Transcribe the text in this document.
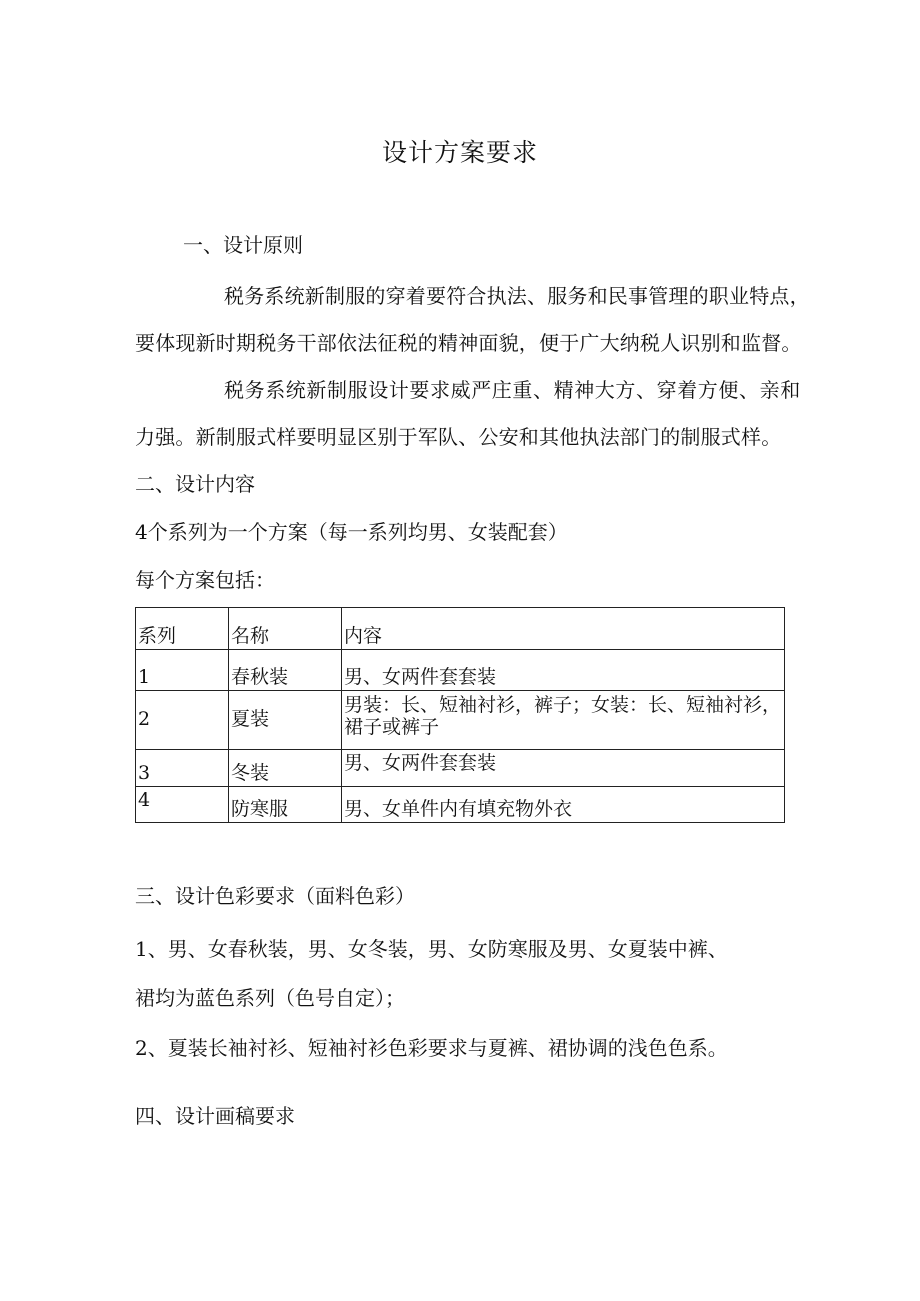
设计方案要求
一、设计原则
税务系统新制服的穿着要符合执法、服务和民事管理的职业特点，
要体现新时期税务干部依法征税的精神面貌，便于广大纳税人识别和监督。
税务系统新制服设计要求威严庄重、精神大方、穿着方便、亲和
力强。新制服式样要明显区别于军队、公安和其他执法部门的制服式样。
二、设计内容
4个系列为一个方案（每一系列均男、女装配套）
每个方案包括：
系列	名称	内容
1	春秋装	男、女两件套套装
2	夏装	男装：长、短袖衬衫，裤子；女装：长、短袖衬衫，裙子或裤子
3	冬装	男、女两件套套装
4	防寒服	男、女单件内有填充物外衣
三、设计色彩要求（面料色彩）
1、男、女春秋装，男、女冬装，男、女防寒服及男、女夏装中裤、
裙均为蓝色系列（色号自定）；
2、夏装长袖衬衫、短袖衬衫色彩要求与夏裤、裙协调的浅色色系。
四、设计画稿要求
